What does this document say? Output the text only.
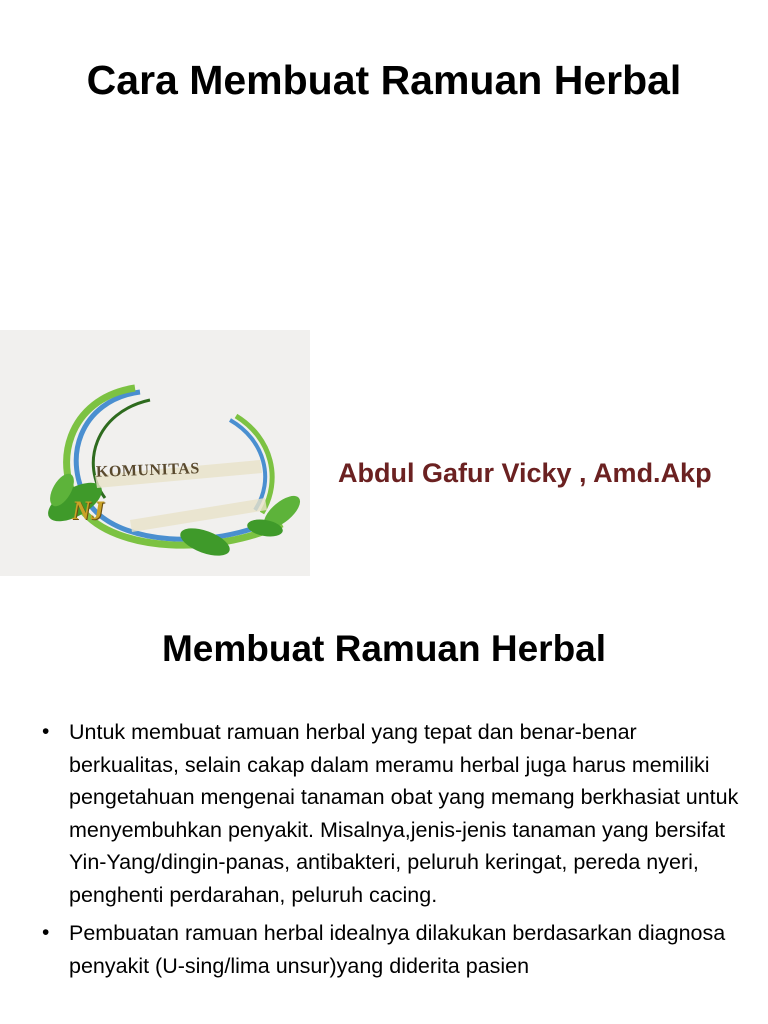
Cara Membuat Ramuan Herbal
KOMUNITAS
NJ

Abdul Gafur Vicky , Amd.Akp

Membuat Ramuan Herbal
• Untuk membuat ramuan herbal yang tepat dan benar-benar berkualitas, selain cakap dalam meramu herbal juga harus memiliki pengetahuan mengenai tanaman obat yang memang berkhasiat untuk menyembuhkan penyakit. Misalnya,jenis-jenis tanaman yang bersifat Yin-Yang/dingin-panas, antibakteri, peluruh keringat, pereda nyeri, penghenti perdarahan, peluruh cacing.
• Pembuatan ramuan herbal idealnya dilakukan berdasarkan diagnosa penyakit (U-sing/lima unsur)yang diderita pasien
